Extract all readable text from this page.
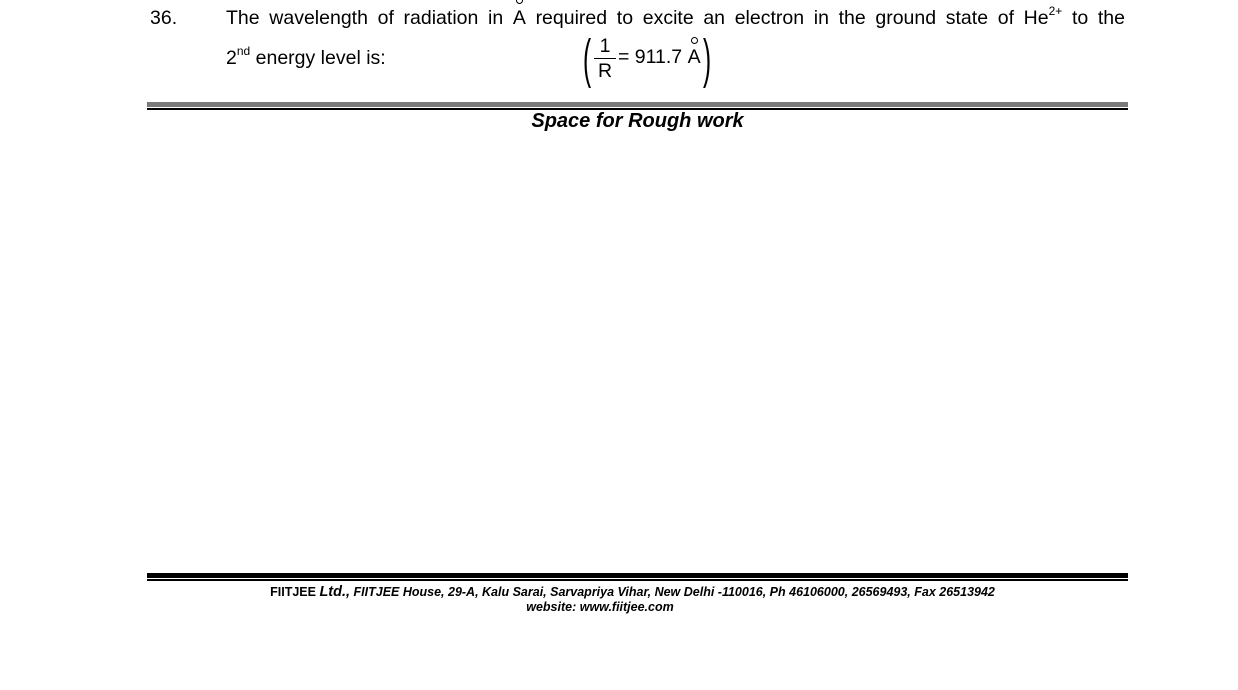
36.	The wavelength of radiation in A required to excite an electron in the ground state of $He^{2+}$ to the
2nd energy level is:	( 1
R
= 911.7 A )
Space for Rough work
FIITJEE Ltd., FIITJEE House, 29-A, Kalu Sarai, Sarvapriya Vihar, New Delhi -110016, Ph 46106000, 26569493, Fax 26513942
website: www.fiitjee.com
